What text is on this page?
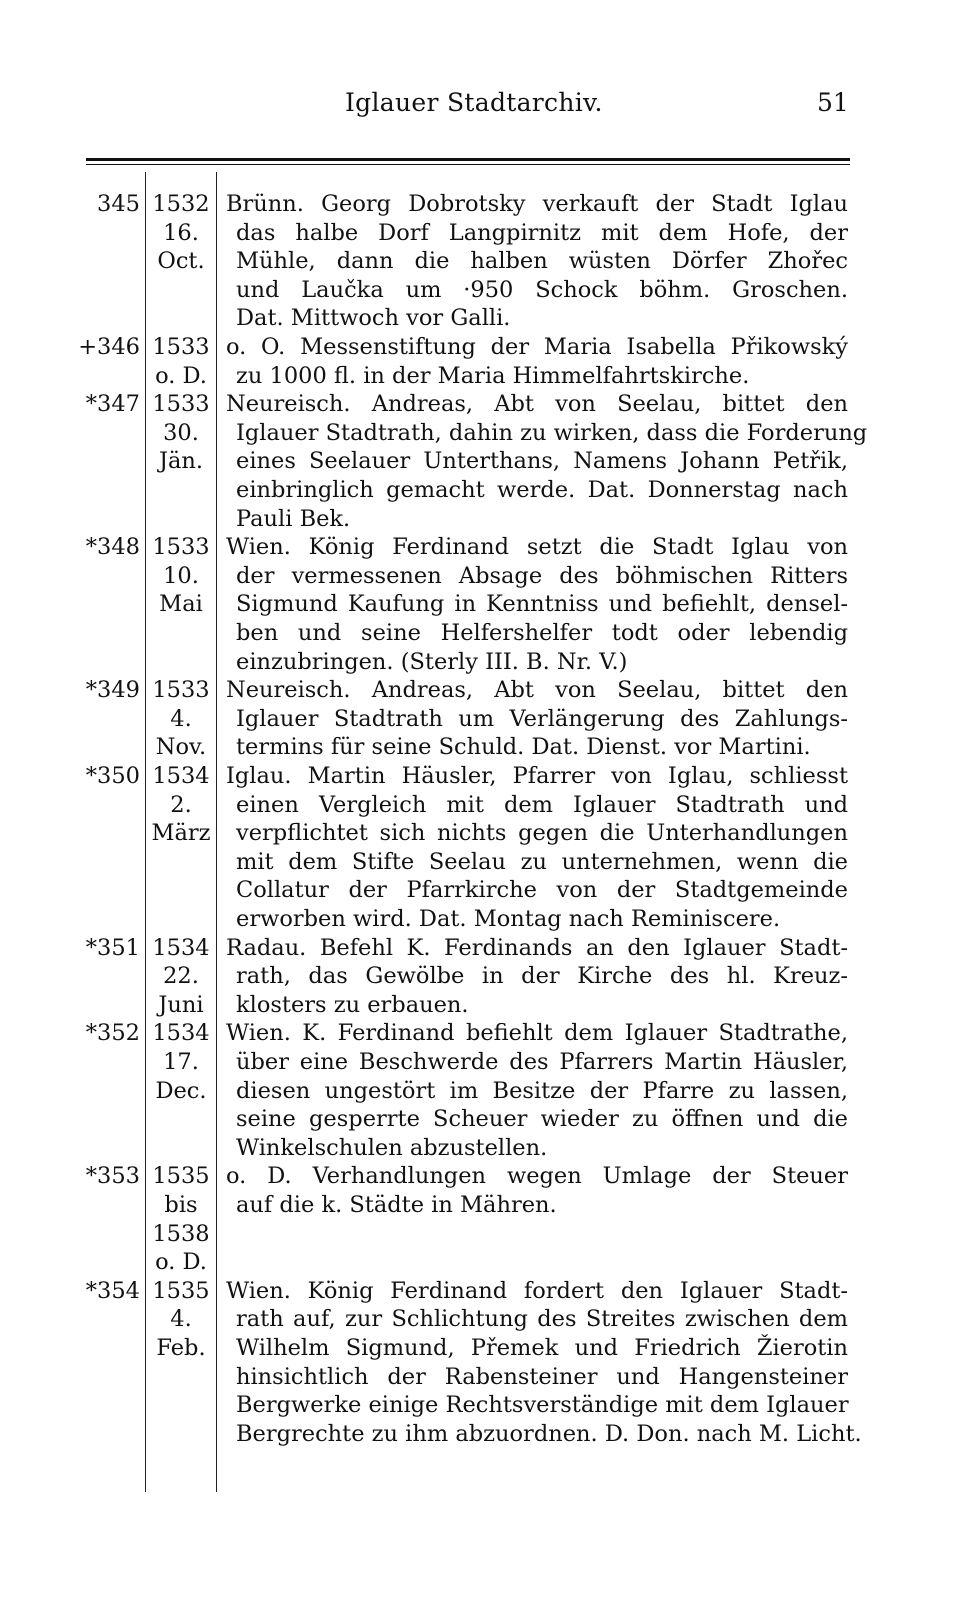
Iglauer Stadtarchiv.	51
345 1532
16.
Oct.
Brünn. Georg Dobrotsky verkauft der Stadt Iglau
das halbe Dorf Langpirnitz mit dem Hofe, der
Mühle, dann die halben wüsten Dörfer Zhořec
und Laučka um ·950 Schock böhm. Groschen.
Dat. Mittwoch vor Galli.
+346 1533
o. D.
o. O. Messenstiftung der Maria Isabella Přikowský
zu 1000 fl. in der Maria Himmelfahrtskirche.
*347 1533
30.
Jän.
Neureisch. Andreas, Abt von Seelau, bittet den
Iglauer Stadtrath, dahin zu wirken, dass die Forderung
eines Seelauer Unterthans, Namens Johann Petřik,
einbringlich gemacht werde. Dat. Donnerstag nach
Pauli Bek.
*348 1533
10.
Mai
Wien. König Ferdinand setzt die Stadt Iglau von
der vermessenen Absage des böhmischen Ritters
Sigmund Kaufung in Kenntniss und befiehlt, densel-
ben und seine Helfershelfer todt oder lebendig
einzubringen. (Sterly III. B. Nr. V.)
*349 1533
4.
Nov.
Neureisch. Andreas, Abt von Seelau, bittet den
Iglauer Stadtrath um Verlängerung des Zahlungs-
termins für seine Schuld. Dat. Dienst. vor Martini.
*350 1534
2.
März
Iglau. Martin Häusler, Pfarrer von Iglau, schliesst
einen Vergleich mit dem Iglauer Stadtrath und
verpflichtet sich nichts gegen die Unterhandlungen
mit dem Stifte Seelau zu unternehmen, wenn die
Collatur der Pfarrkirche von der Stadtgemeinde
erworben wird. Dat. Montag nach Reminiscere.
*351 1534
22.
Juni
Radau. Befehl K. Ferdinands an den Iglauer Stadt-
rath, das Gewölbe in der Kirche des hl. Kreuz-
klosters zu erbauen.
*352 1534
17.
Dec.
Wien. K. Ferdinand befiehlt dem Iglauer Stadtrathe,
über eine Beschwerde des Pfarrers Martin Häusler,
diesen ungestört im Besitze der Pfarre zu lassen,
seine gesperrte Scheuer wieder zu öffnen und die
Winkelschulen abzustellen.
*353 1535
bis
1538
o. D.
o. D. Verhandlungen wegen Umlage der Steuer
auf die k. Städte in Mähren.
*354 1535
4.
Feb.
Wien. König Ferdinand fordert den Iglauer Stadt-
rath auf, zur Schlichtung des Streites zwischen dem
Wilhelm Sigmund, Přemek und Friedrich Žierotin
hinsichtlich der Rabensteiner und Hangensteiner
Bergwerke einige Rechtsverständige mit dem Iglauer
Bergrechte zu ihm abzuordnen. D. Don. nach M. Licht.
